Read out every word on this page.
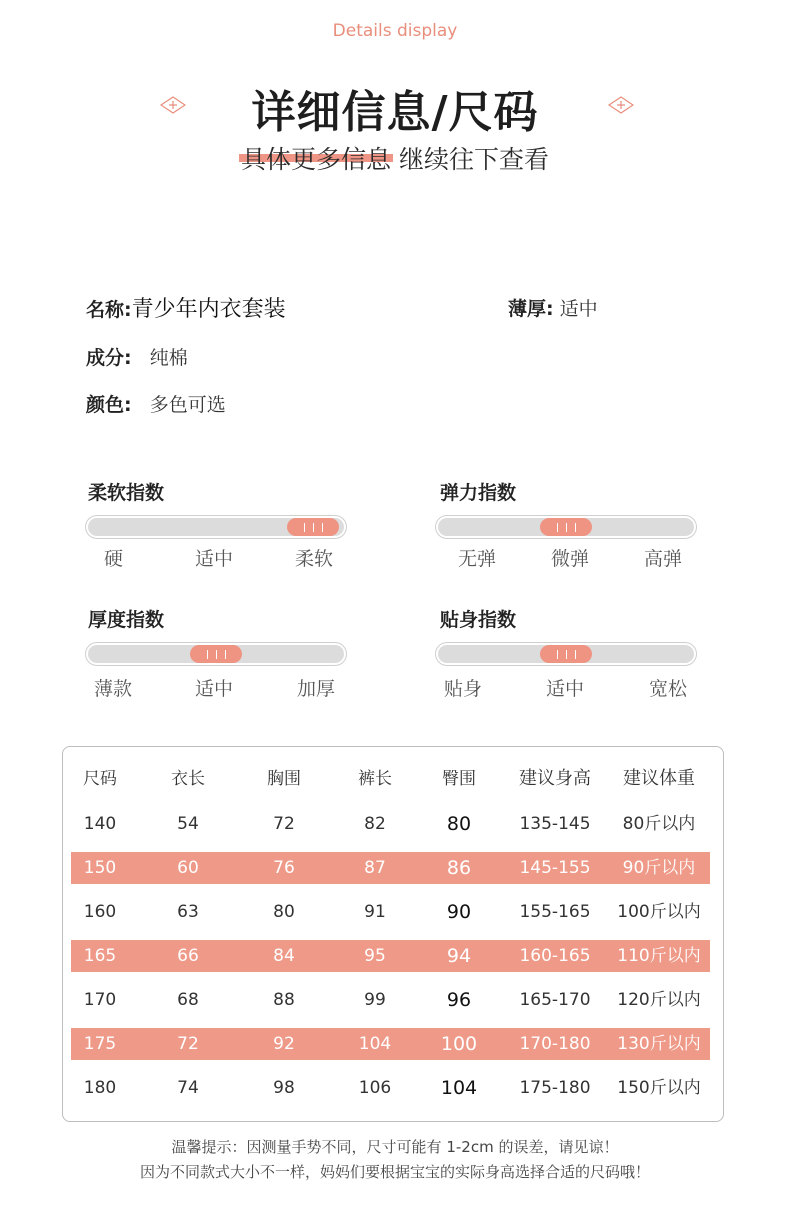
Details display
详细信息/尺码
具体更多信息 继续往下查看
名称:青少年内衣套装	薄厚: 适中
成分: 纯棉
颜色: 多色可选
柔软指数
硬	适中	柔软
弹力指数
无弹	微弹	高弹
厚度指数
薄款	适中	加厚
贴身指数
贴身	适中	宽松
尺码	衣长	胸围	裤长	臀围 建议身高 建议体重
140	54	72	82	80	135-145 80斤以内
150	60	76	87	86	145-155 90斤以内
160	63	80	91	90	155-165 100斤以内
165	66	84	95	94	160-165 110斤以内
170	68	88	99	96	165-170 120斤以内
175	72	92	104	100 170-180 130斤以内
180	74	98	106	104 175-180 150斤以内
温馨提示：因测量手势不同，尺寸可能有 1-2cm 的误差，请见谅！
因为不同款式大小不一样，妈妈们要根据宝宝的实际身高选择合适的尺码哦！
